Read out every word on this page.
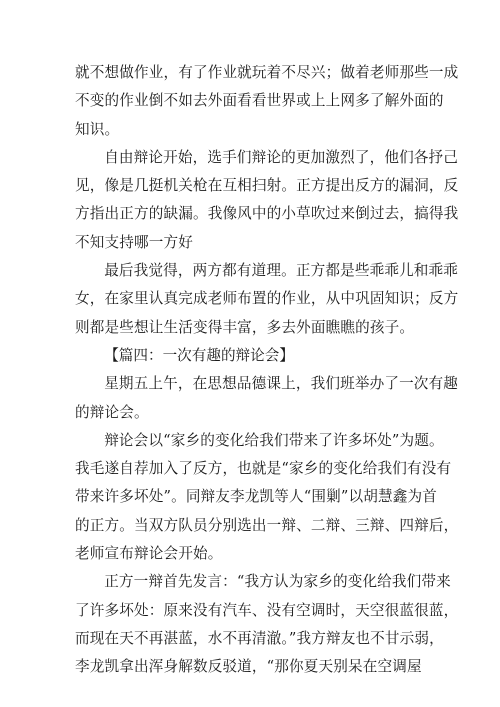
就不想做作业，有了作业就玩着不尽兴；做着老师那些一成
不变的作业倒不如去外面看看世界或上上网多了解外面的
知识。

自由辩论开始，选手们辩论的更加激烈了，他们各抒己
见，像是几挺机关枪在互相扫射。正方提出反方的漏洞，反
方指出正方的缺漏。我像风中的小草吹过来倒过去，搞得我
不知支持哪一方好

最后我觉得，两方都有道理。正方都是些乖乖儿和乖乖
女，在家里认真完成老师布置的作业，从中巩固知识；反方
则都是些想让生活变得丰富，多去外面瞧瞧的孩子。

【篇四：一次有趣的辩论会】

星期五上午，在思想品德课上，我们班举办了一次有趣
的辩论会。

辩论会以“家乡的变化给我们带来了许多坏处”为题。
我毛遂自荐加入了反方，也就是“家乡的变化给我们有没有
带来许多坏处”。同辩友李龙凯等人“围剿”以胡慧鑫为首
的正方。当双方队员分别选出一辩、二辩、三辩、四辩后，
老师宣布辩论会开始。

正方一辩首先发言：“我方认为家乡的变化给我们带来
了许多坏处：原来没有汽车、没有空调时，天空很蓝很蓝，
而现在天不再湛蓝，水不再清澈。”我方辩友也不甘示弱，
李龙凯拿出浑身解数反驳道，“那你夏天别呆在空调屋
